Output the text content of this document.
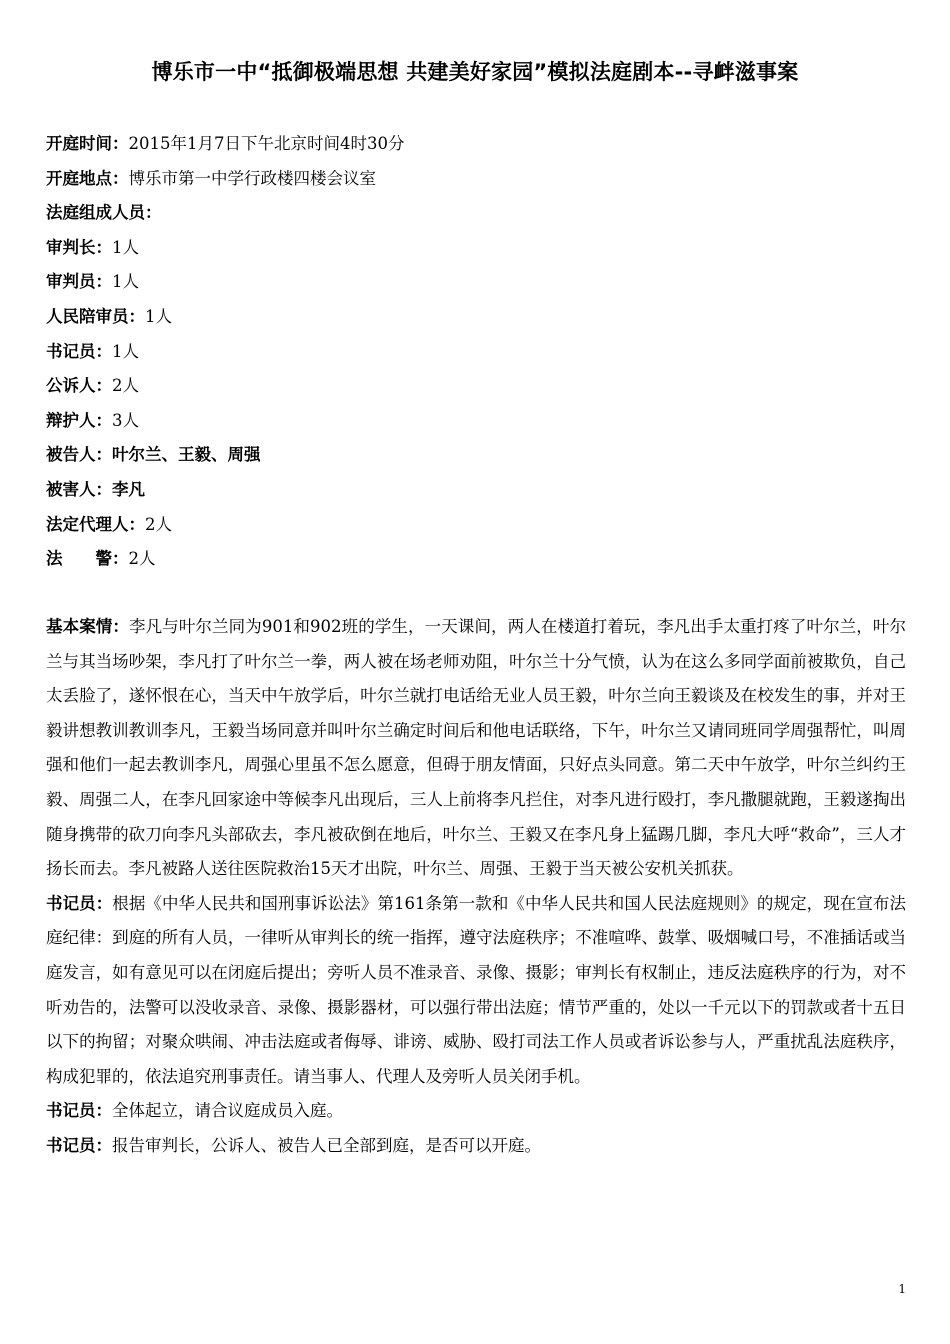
博乐市一中“抵御极端思想 共建美好家园”模拟法庭剧本--寻衅滋事案
开庭时间：2015年1月7日下午北京时间4时30分
开庭地点：博乐市第一中学行政楼四楼会议室
法庭组成人员：
审判长：1人
审判员：1人
人民陪审员：1人
书记员：1人
公诉人：2人
辩护人：3人
被告人：叶尔兰、王毅、周强
被害人：李凡
法定代理人：2人
法　　警：2人

基本案情：李凡与叶尔兰同为901和902班的学生，一天课间，两人在楼道打着玩，李凡出手太重打疼了叶尔兰，叶尔兰与其当场吵架，李凡打了叶尔兰一拳，两人被在场老师劝阻，叶尔兰十分气愤，认为在这么多同学面前被欺负，自己太丢脸了，遂怀恨在心，当天中午放学后，叶尔兰就打电话给无业人员王毅，叶尔兰向王毅谈及在校发生的事，并对王毅讲想教训教训李凡，王毅当场同意并叫叶尔兰确定时间后和他电话联络，下午，叶尔兰又请同班同学周强帮忙，叫周强和他们一起去教训李凡，周强心里虽不怎么愿意，但碍于朋友情面，只好点头同意。第二天中午放学，叶尔兰纠约王毅、周强二人，在李凡回家途中等候李凡出现后，三人上前将李凡拦住，对李凡进行殴打，李凡撒腿就跑，王毅遂掏出随身携带的砍刀向李凡头部砍去，李凡被砍倒在地后，叶尔兰、王毅又在李凡身上猛踢几脚，李凡大呼“救命”，三人才扬长而去。李凡被路人送往医院救治15天才出院，叶尔兰、周强、王毅于当天被公安机关抓获。

书记员：根据《中华人民共和国刑事诉讼法》第161条第一款和《中华人民共和国人民法庭规则》的规定，现在宣布法庭纪律：到庭的所有人员，一律听从审判长的统一指挥，遵守法庭秩序；不准喧哗、鼓掌、吸烟喊口号，不准插话或当庭发言，如有意见可以在闭庭后提出；旁听人员不准录音、录像、摄影；审判长有权制止，违反法庭秩序的行为，对不听劝告的，法警可以没收录音、录像、摄影器材，可以强行带出法庭；情节严重的，处以一千元以下的罚款或者十五日以下的拘留；对聚众哄闹、冲击法庭或者侮辱、诽谤、威胁、殴打司法工作人员或者诉讼参与人，严重扰乱法庭秩序，构成犯罪的，依法追究刑事责任。请当事人、代理人及旁听人员关闭手机。

书记员：全体起立，请合议庭成员入庭。

书记员：报告审判长，公诉人、被告人已全部到庭，是否可以开庭。

1
